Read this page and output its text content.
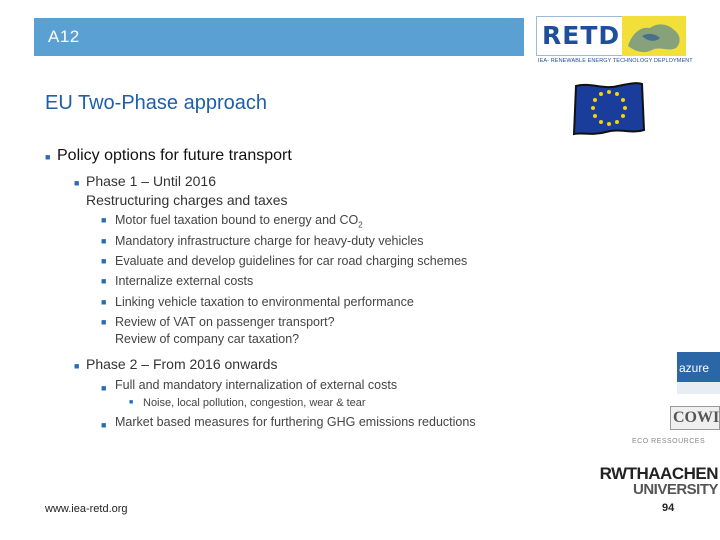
A12	RETD
IEA- RENEWABLE ENERGY TECHNOLOGY DEPLOYMENT
EU Two-Phase approach
■ Policy options for future transport
■ Phase 1 – Until 2016
Restructuring charges and taxes
■ Motor fuel taxation bound to energy and $CO_2$
■ Mandatory infrastructure charge for heavy-duty vehicles
■ Evaluate and develop guidelines for car road charging schemes
■ Internalize external costs
■ Linking vehicle taxation to environmental performance
■ Review of VAT on passenger transport?
Review of company car taxation?
■ Phase 2 – From 2016 onwards
■ Full and mandatory internalization of external costs
■ Noise, local pollution, congestion, wear & tear
■ Market based measures for furthering GHG emissions reductions
azure
COWI
ECO RESSOURCES
RWTHAACHEN
UNIVERSITY
www.iea-retd.org	94
